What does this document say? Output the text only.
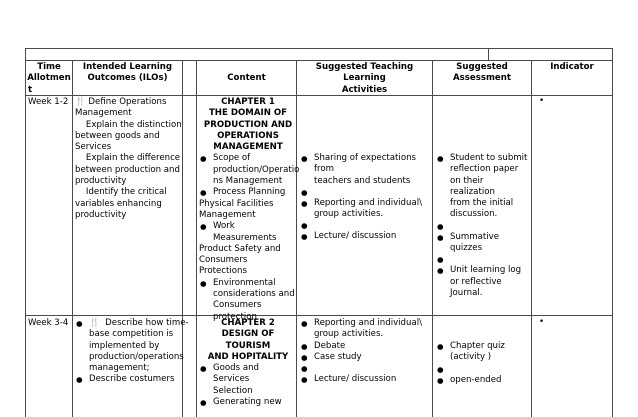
Time
Allotmen
t
Intended Learning
Outcomes (ILOs)	Content
Suggested Teaching Learning
Activities
Suggested
Assessment
Indicator
Week 1-2 🍴 Define Operations
Management
Explain the distinction
between goods and
Services
Explain the difference
between production and
productivity
Identify the critical
variables enhancing
productivity
CHAPTER 1
THE DOMAIN OF
PRODUCTION AND
OPERATIONS
MANAGEMENT
● Scope of
production/Operatio
ns Management
● Process Planning
Physical Facilities
Management
● Work
Measurements
Product Safety and
Consumers Protections
● Environmental
considerations and
Consumers
protection
● Sharing of expectations from
teachers and students
●
● Reporting and individual\
group activities.
●
● Lecture/ discussion
● Student to submit
reflection paper
on their realization
from the initial
discussion.
●
● Summative
quizzes
●
● Unit learning log
or reflective
Journal.
•
Week 3-4
●	🍴  Describe how time-
base competition is
implemented by
production/operations
management;
● Describe costumers
CHAPTER 2
DESIGN OF TOURISM
AND HOPITALITY
● Goods and Services
Selection
● Generating new
● Reporting and individual\
group activities.
● Debate
● Case study
●
● Lecture/ discussion
● Chapter quiz
(activity )
●
● open-ended
•
